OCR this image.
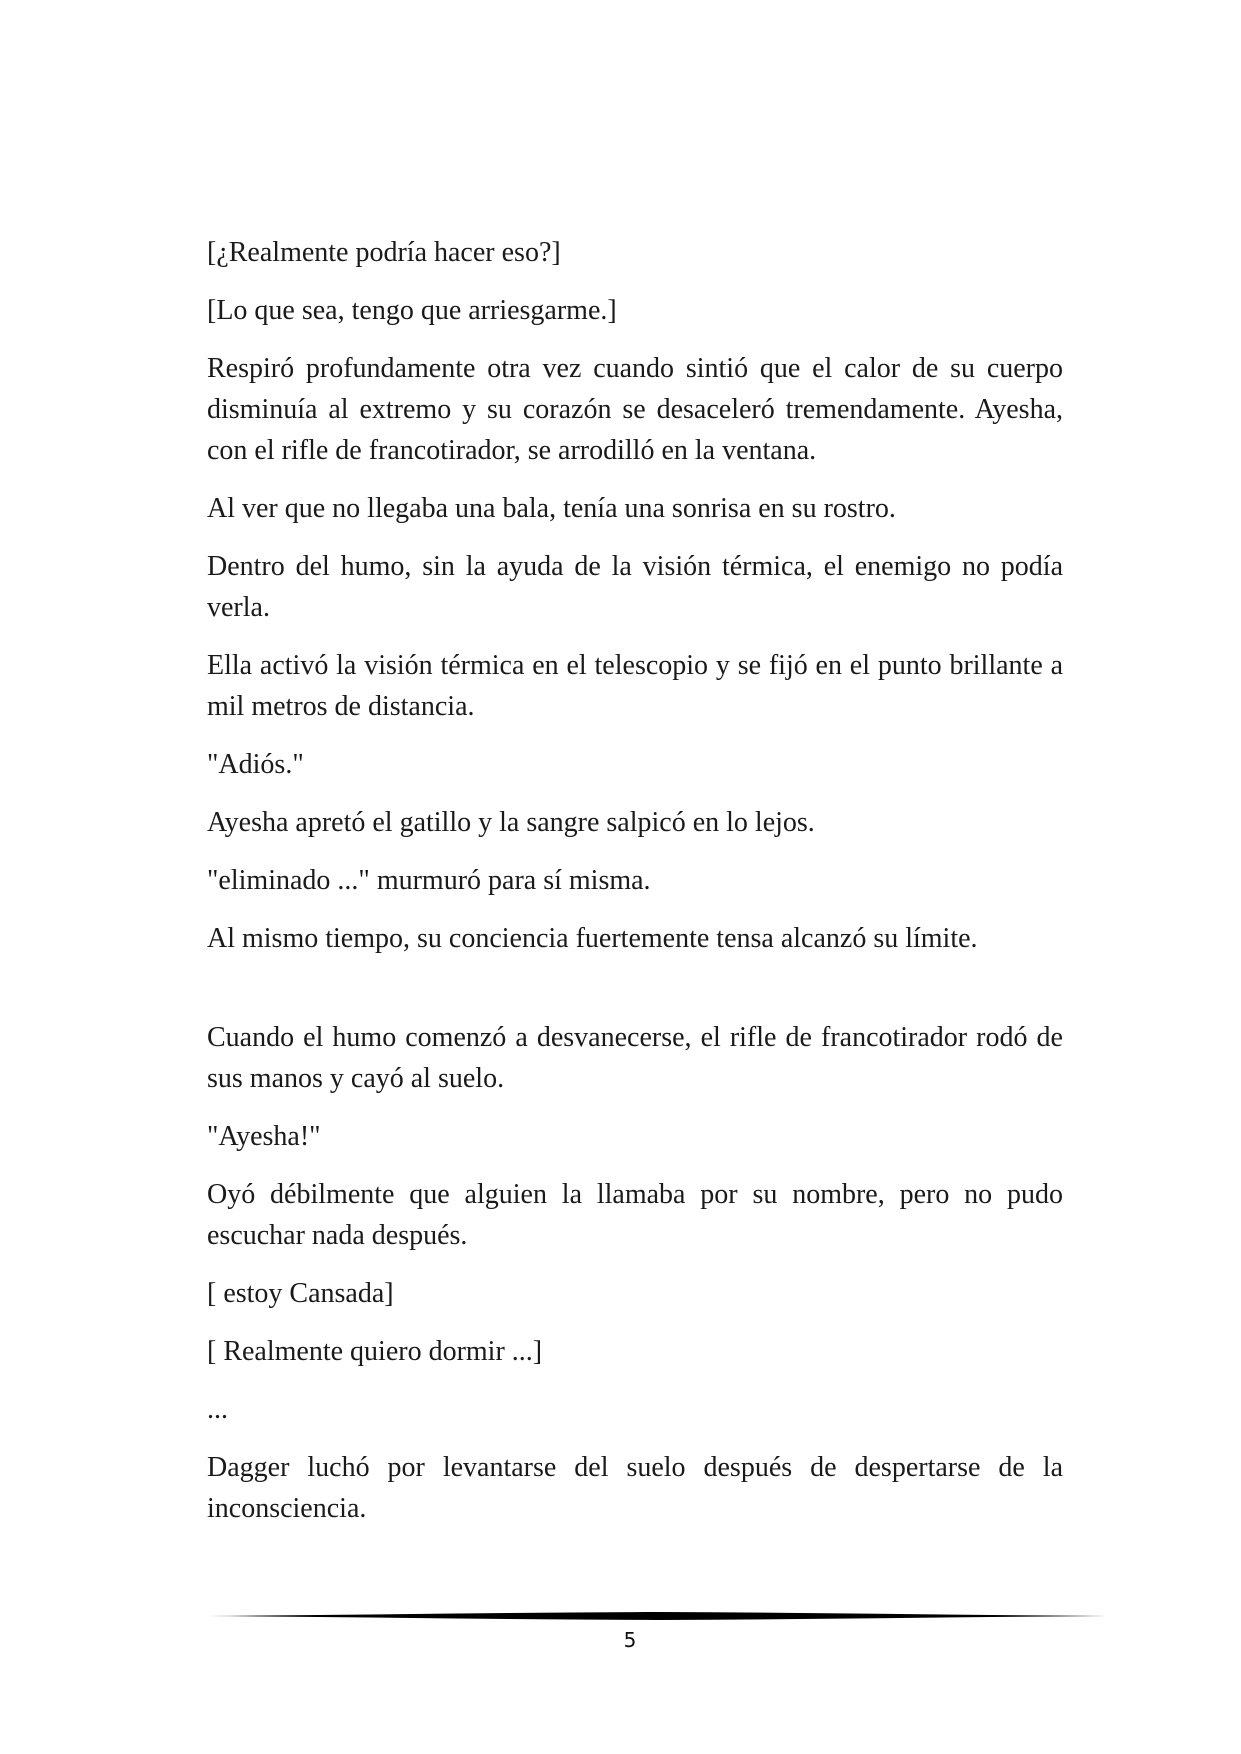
[¿Realmente podría hacer eso?]

[Lo que sea, tengo que arriesgarme.]

Respiró profundamente otra vez cuando sintió que el calor de su cuerpo disminuía al extremo y su corazón se desaceleró tremendamente. Ayesha, con el rifle de francotirador, se arrodilló en la ventana.

Al ver que no llegaba una bala, tenía una sonrisa en su rostro.

Dentro del humo, sin la ayuda de la visión térmica, el enemigo no podía verla.

Ella activó la visión térmica en el telescopio y se fijó en el punto brillante a mil metros de distancia.

"Adiós."

Ayesha apretó el gatillo y la sangre salpicó en lo lejos.

"eliminado ..." murmuró para sí misma.

Al mismo tiempo, su conciencia fuertemente tensa alcanzó su límite.

Cuando el humo comenzó a desvanecerse, el rifle de francotirador rodó de sus manos y cayó al suelo.

"Ayesha!"

Oyó débilmente que alguien la llamaba por su nombre, pero no pudo escuchar nada después.

[ estoy Cansada]

[ Realmente quiero dormir ...]

...

Dagger luchó por levantarse del suelo después de despertarse de la inconsciencia.

5
